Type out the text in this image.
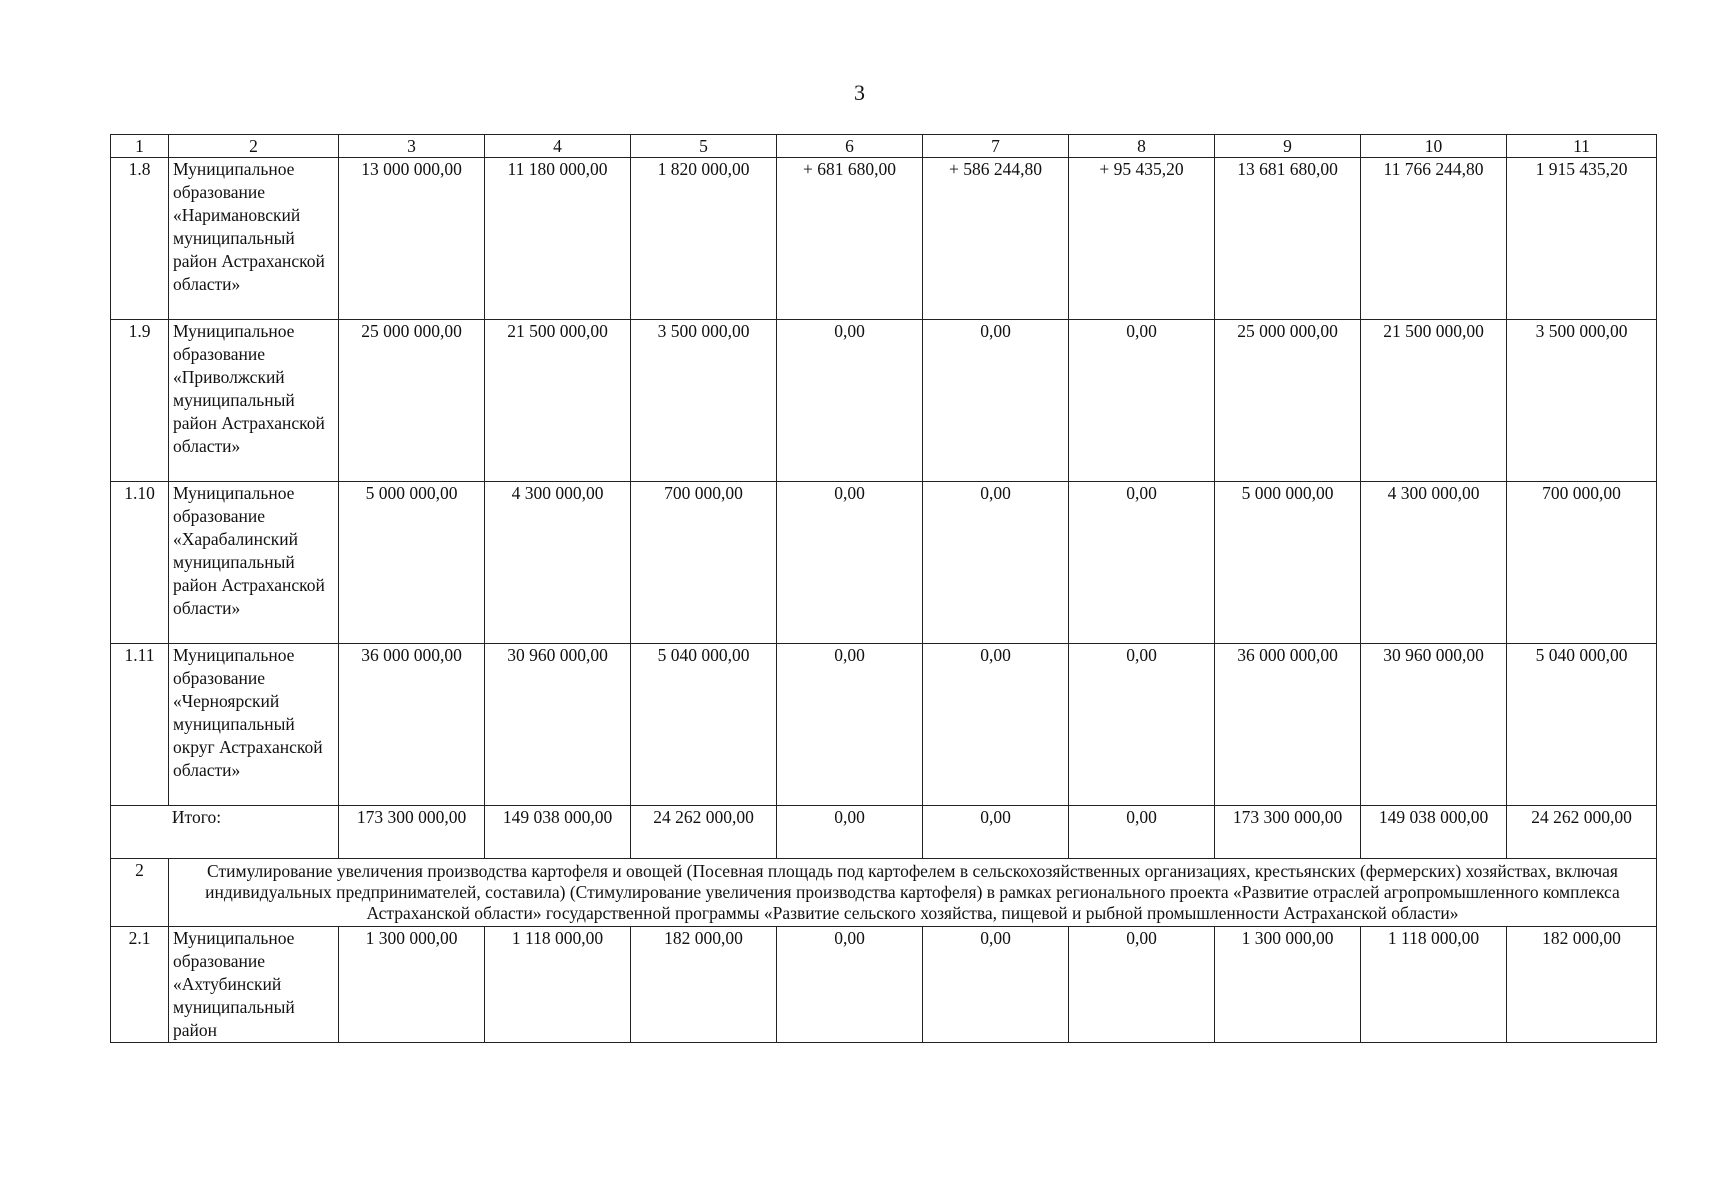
3
1	2	3	4	5	6	7	8	9	10	11
1.8	Муниципальное образование «Наримановский муниципальный район Астраханской области»	13 000 000,00	11 180 000,00	1 820 000,00	+ 681 680,00	+ 586 244,80	+ 95 435,20	13 681 680,00	11 766 244,80	1 915 435,20
1.9	Муниципальное образование «Приволжский муниципальный район Астраханской области»	25 000 000,00	21 500 000,00	3 500 000,00	0,00	0,00	0,00	25 000 000,00	21 500 000,00	3 500 000,00
1.10	Муниципальное образование «Харабалинский муниципальный район Астраханской области»	5 000 000,00	4 300 000,00	700 000,00	0,00	0,00	0,00	5 000 000,00	4 300 000,00	700 000,00
1.11	Муниципальное образование «Черноярский муниципальный округ Астраханской области»	36 000 000,00	30 960 000,00	5 040 000,00	0,00	0,00	0,00	36 000 000,00	30 960 000,00	5 040 000,00
Итого:		173 300 000,00	149 038 000,00	24 262 000,00	0,00	0,00	0,00	173 300 000,00	149 038 000,00	24 262 000,00
2	Стимулирование увеличения производства картофеля и овощей (Посевная площадь под картофелем в сельскохозяйственных организациях, крестьянских (фермерских) хозяйствах, включая индивидуальных предпринимателей, составила) (Стимулирование увеличения производства картофеля) в рамках регионального проекта «Развитие отраслей агропромышленного комплекса Астраханской области» государственной программы «Развитие сельского хозяйства, пищевой и рыбной промышленности Астраханской области»									
2.1	Муниципальное образование «Ахтубинский муниципальный район	1 300 000,00	1 118 000,00	182 000,00	0,00	0,00	0,00	1 300 000,00	1 118 000,00	182 000,00
